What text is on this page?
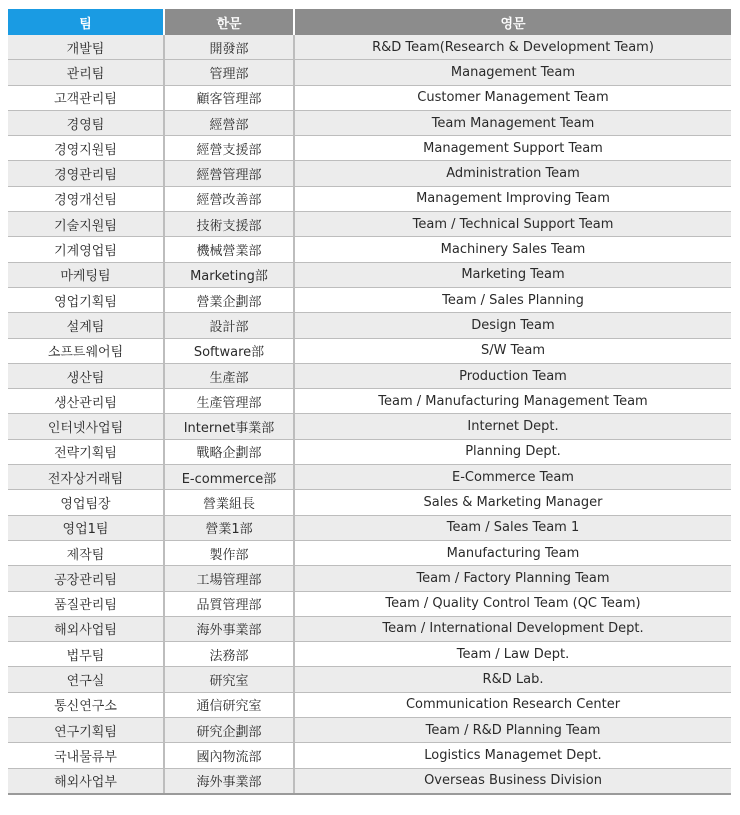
팀	한문	영문
개발팀	開發部	R&D Team(Research & Development Team)
관리팀	管理部	Management Team
고객관리팀	顧客管理部	Customer Management Team
경영팀	經營部	Team Management Team
경영지원팀	經營支援部	Management Support Team
경영관리팀	經營管理部	Administration Team
경영개선팀	經營改善部	Management Improving Team
기술지원팀	技術支援部	Team / Technical Support Team
기계영업팀	機械營業部	Machinery Sales Team
마케팅팀	Marketing部	Marketing Team
영업기획팀	營業企劃部	Team / Sales Planning
설계팀	設計部	Design Team
소프트웨어팀	Software部	S/W Team
생산팀	生產部	Production Team
생산관리팀	生產管理部	Team / Manufacturing Management Team
인터넷사업팀	Internet事業部	Internet Dept.
전략기획팀	戰略企劃部	Planning Dept.
전자상거래팀	E-commerce部	E-Commerce Team
영업팀장	營業組長	Sales & Marketing Manager
영업1팀	營業1部	Team / Sales Team 1
제작팀	製作部	Manufacturing Team
공장관리팀	工場管理部	Team / Factory Planning Team
품질관리팀	品質管理部	Team / Quality Control Team (QC Team)
해외사업팀	海外事業部	Team / International Development Dept.
법무팀	法務部	Team / Law Dept.
연구실	研究室	R&D Lab.
통신연구소	通信研究室	Communication Research Center
연구기획팀	研究企劃部	Team / R&D Planning Team
국내물류부	國內物流部	Logistics Managemet Dept.
해외사업부	海外事業部	Overseas Business Division
